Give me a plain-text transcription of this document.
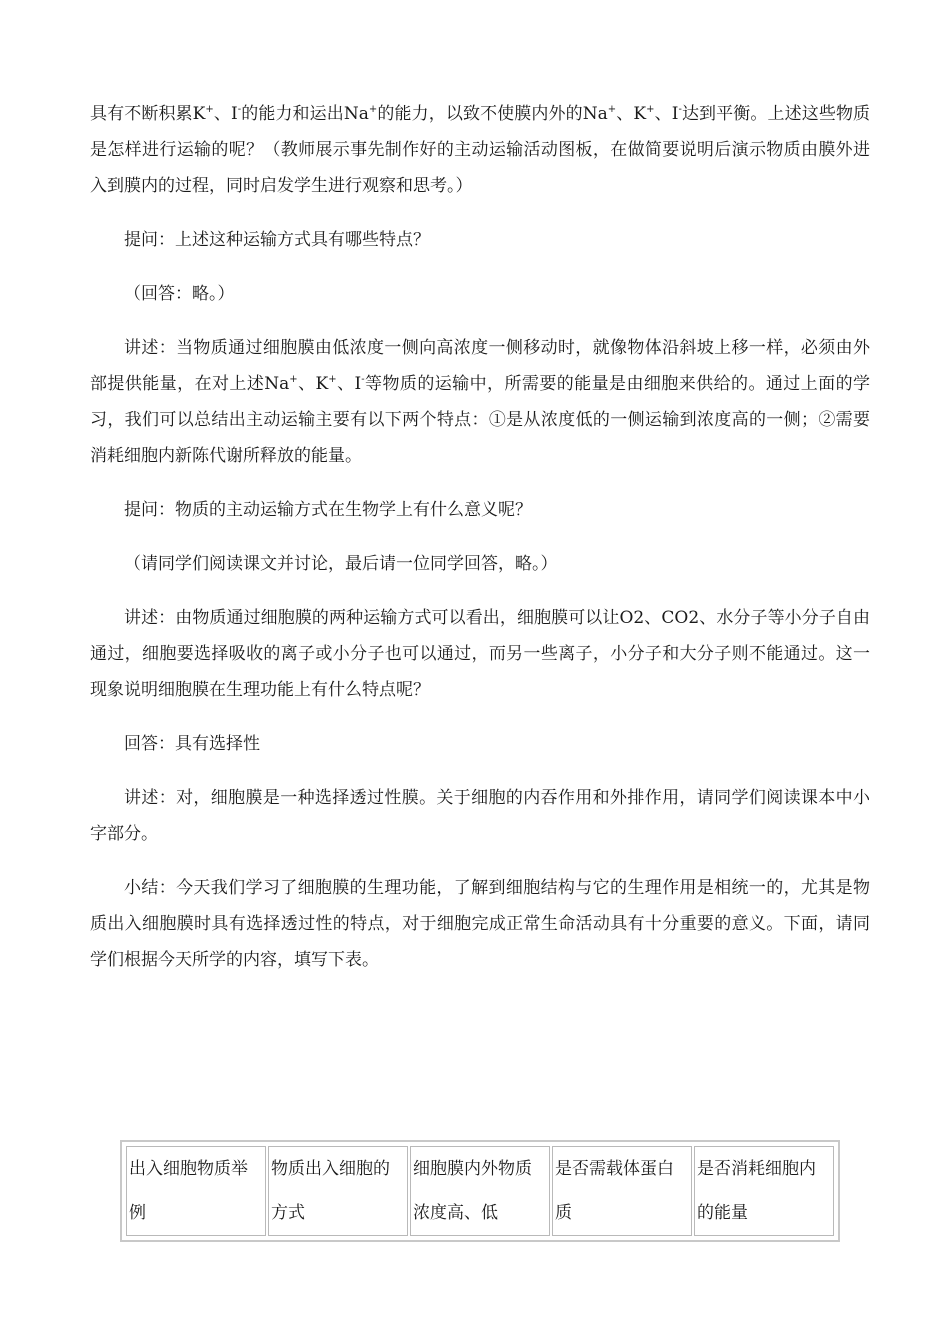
具有不断积累K+、I-的能力和运出Na+的能力，以致不使膜内外的Na+、K+、I-达到平衡。上述这些物质是怎样进行运输的呢？（教师展示事先制作好的主动运输活动图板，在做简要说明后演示物质由膜外进入到膜内的过程，同时启发学生进行观察和思考。）

提问：上述这种运输方式具有哪些特点？

（回答：略。）

讲述：当物质通过细胞膜由低浓度一侧向高浓度一侧移动时，就像物体沿斜坡上移一样，必须由外部提供能量，在对上述Na+、K+、I-等物质的运输中，所需要的能量是由细胞来供给的。通过上面的学习，我们可以总结出主动运输主要有以下两个特点：①是从浓度低的一侧运输到浓度高的一侧；②需要消耗细胞内新陈代谢所释放的能量。

提问：物质的主动运输方式在生物学上有什么意义呢？

（请同学们阅读课文并讨论，最后请一位同学回答，略。）

讲述：由物质通过细胞膜的两种运输方式可以看出，细胞膜可以让O2、CO2、水分子等小分子自由通过，细胞要选择吸收的离子或小分子也可以通过，而另一些离子，小分子和大分子则不能通过。这一现象说明细胞膜在生理功能上有什么特点呢？

回答：具有选择性

讲述：对，细胞膜是一种选择透过性膜。关于细胞的内吞作用和外排作用，请同学们阅读课本中小字部分。

小结：今天我们学习了细胞膜的生理功能，了解到细胞结构与它的生理作用是相统一的，尤其是物质出入细胞膜时具有选择透过性的特点，对于细胞完成正常生命活动具有十分重要的意义。下面，请同学们根据今天所学的内容，填写下表。

出入细胞物质举例	物质出入细胞的方式	细胞膜内外物质浓度高、低	是否需载体蛋白质	是否消耗细胞内的能量
